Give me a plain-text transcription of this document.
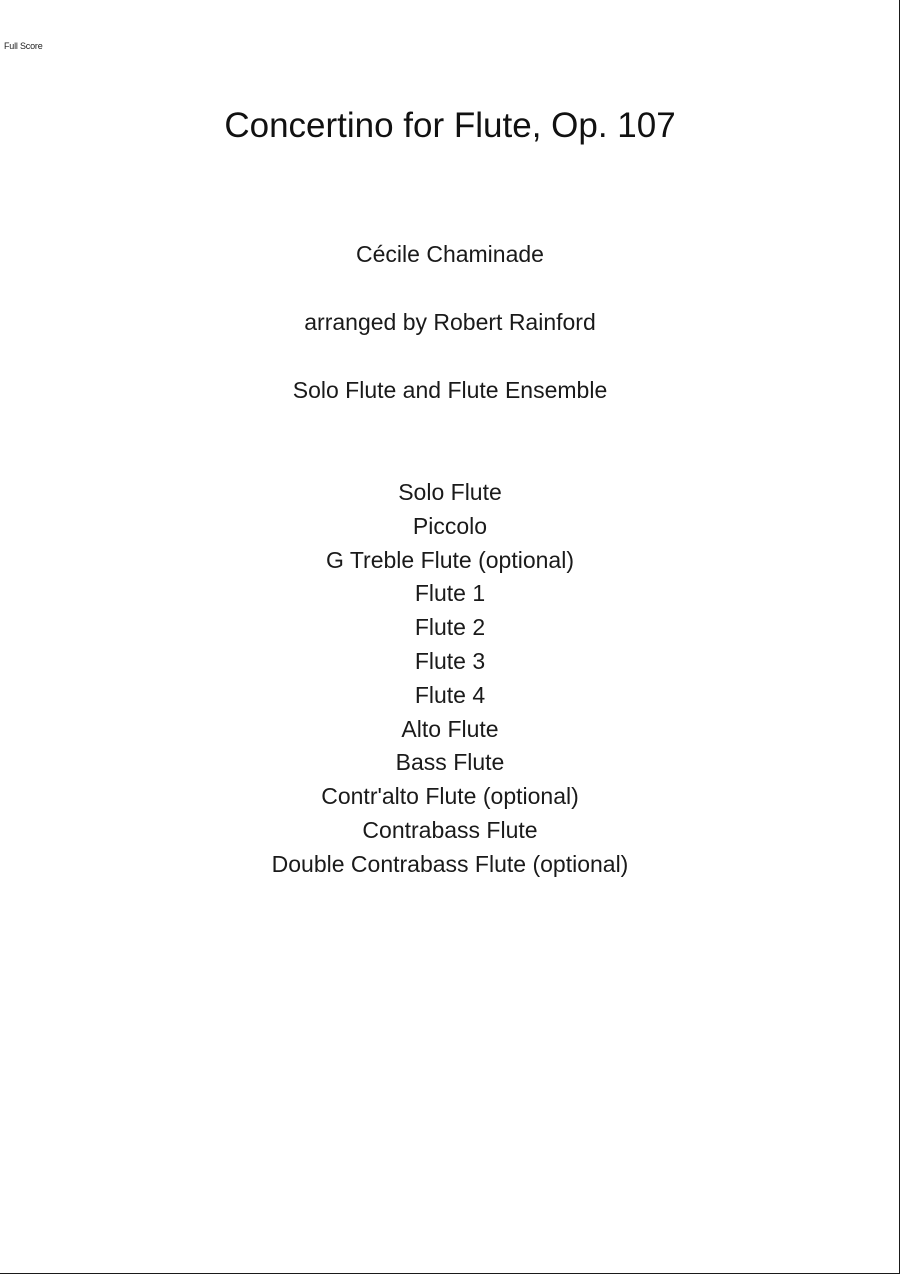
Full Score
Concertino for Flute, Op. 107
Cécile Chaminade
arranged by Robert Rainford
Solo Flute and Flute Ensemble
Solo Flute
Piccolo
G Treble Flute (optional)
Flute 1
Flute 2
Flute 3
Flute 4
Alto Flute
Bass Flute
Contr'alto Flute (optional)
Contrabass Flute
Double Contrabass Flute (optional)
